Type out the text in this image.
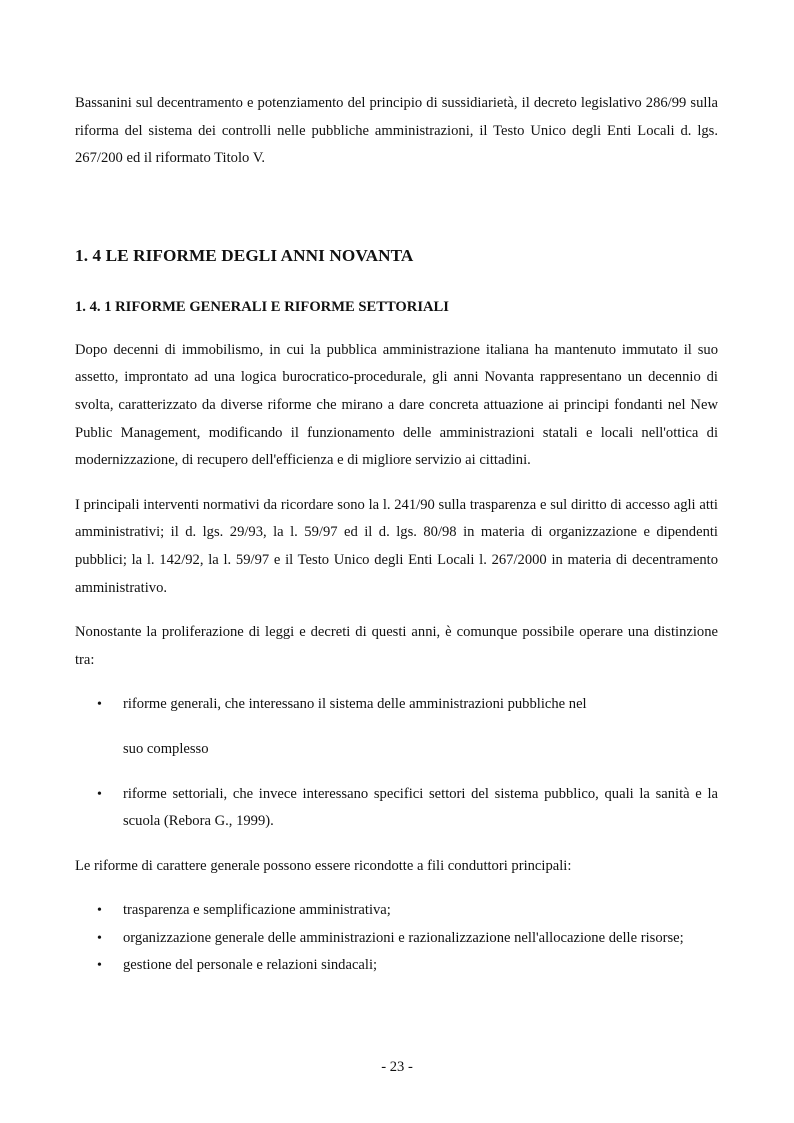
Bassanini sul decentramento e potenziamento del principio di sussidiarietà, il decreto legislativo 286/99 sulla riforma del sistema dei controlli nelle pubbliche amministrazioni, il Testo Unico degli Enti Locali d. lgs. 267/200 ed il riformato Titolo V.

1. 4 LE RIFORME DEGLI ANNI NOVANTA
1. 4. 1 RIFORME GENERALI E RIFORME SETTORIALI

Dopo decenni di immobilismo, in cui la pubblica amministrazione italiana ha mantenuto immutato il suo assetto, improntato ad una logica burocratico-procedurale, gli anni Novanta rappresentano un decennio di svolta, caratterizzato da diverse riforme che mirano a dare concreta attuazione ai principi fondanti nel New Public Management, modificando il funzionamento delle amministrazioni statali e locali nell'ottica di modernizzazione, di recupero dell'efficienza e di migliore servizio ai cittadini.

I principali interventi normativi da ricordare sono la l. 241/90 sulla trasparenza e sul diritto di accesso agli atti amministrativi; il d. lgs. 29/93, la l. 59/97 ed il d. lgs. 80/98 in materia di organizzazione e dipendenti pubblici; la l. 142/92, la l. 59/97 e il Testo Unico degli Enti Locali l. 267/2000 in materia di decentramento amministrativo.

Nonostante la proliferazione di leggi e decreti di questi anni, è comunque possibile operare una distinzione tra:

• riforme generali, che interessano il sistema delle amministrazioni pubbliche nel
suo complesso
• riforme settoriali, che invece interessano specifici settori del sistema pubblico, quali la sanità e la scuola (Rebora G., 1999).

Le riforme di carattere generale possono essere ricondotte a fili conduttori principali:

• trasparenza e semplificazione amministrativa;
• organizzazione generale delle amministrazioni e razionalizzazione nell'allocazione delle risorse;
• gestione del personale e relazioni sindacali;
- 23 -
